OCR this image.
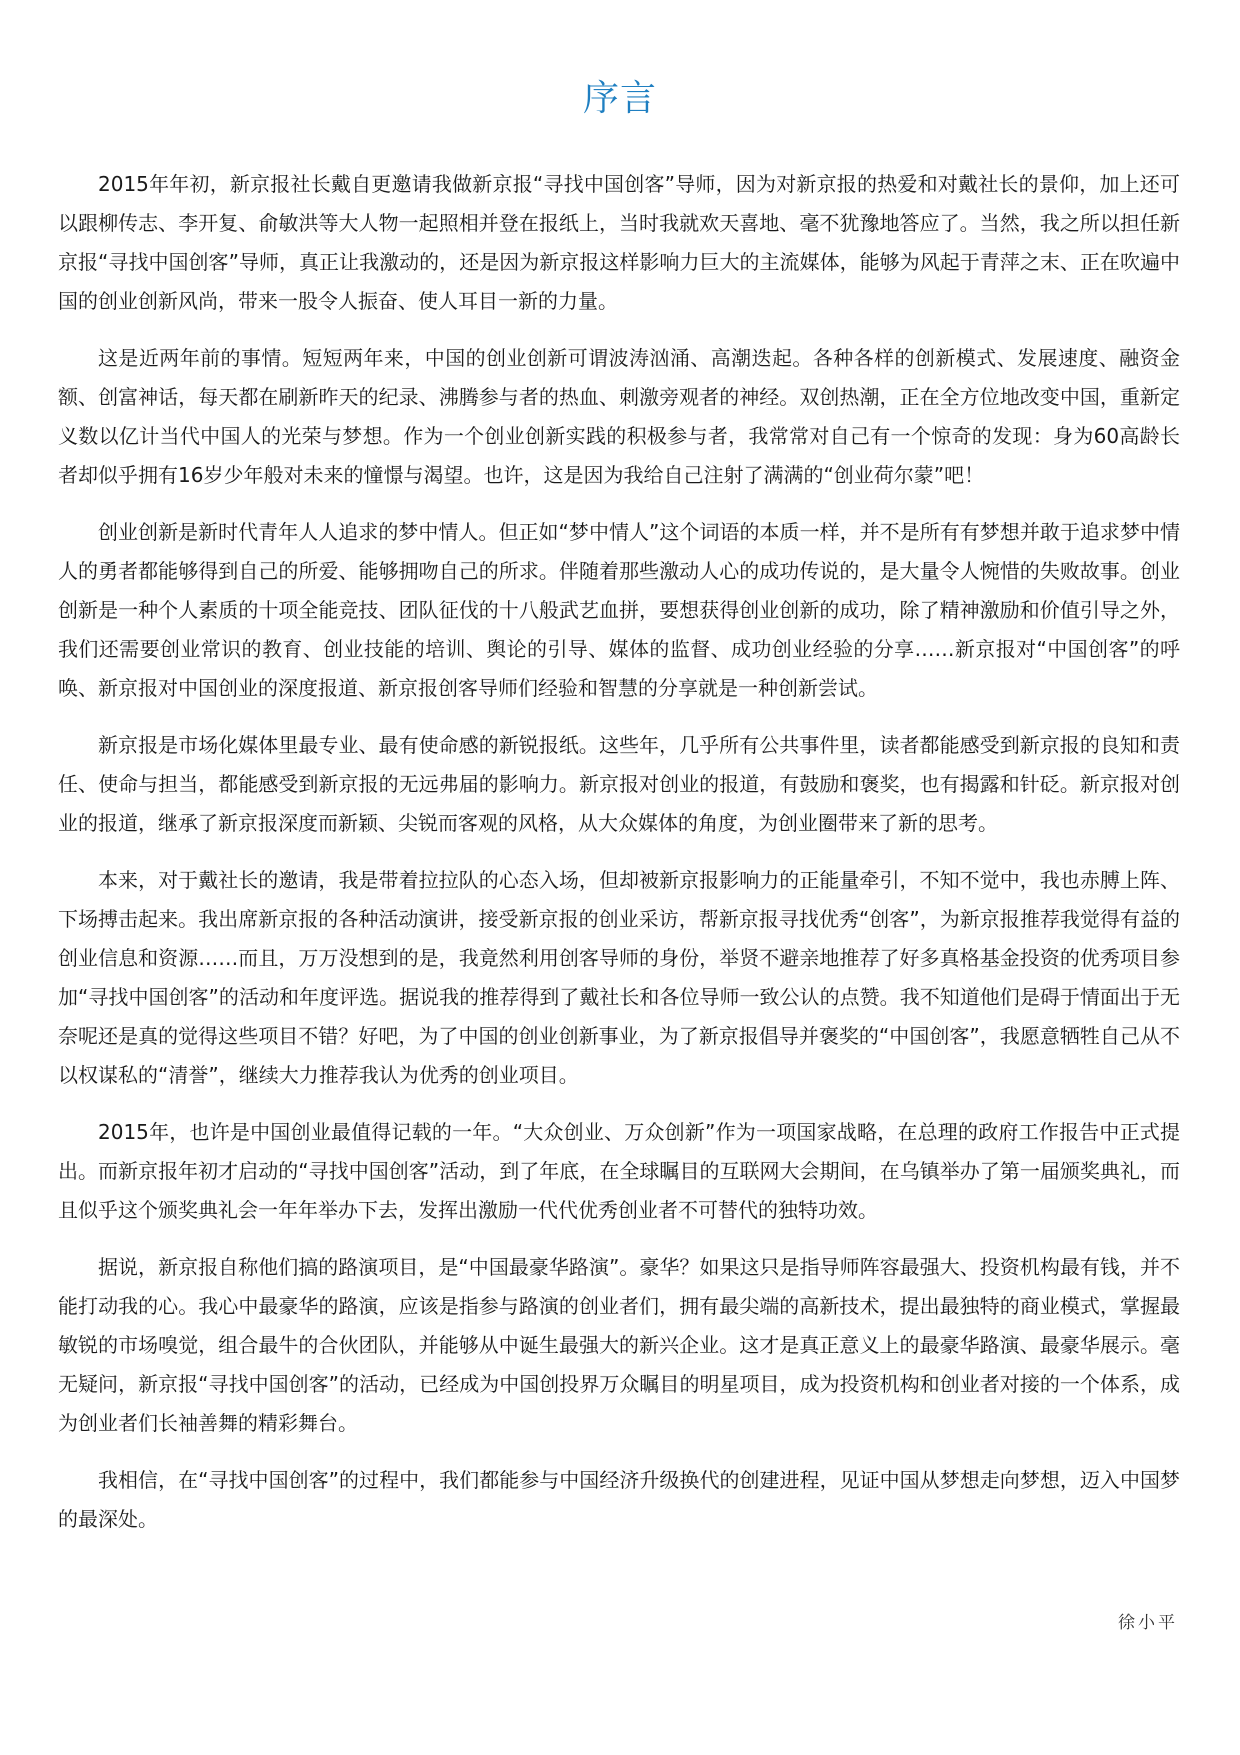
序言

2015年年初，新京报社长戴自更邀请我做新京报“寻找中国创客”导师，因为对新京报的热爱和对戴社长的景仰，加上还可以跟柳传志、李开复、俞敏洪等大人物一起照相并登在报纸上，当时我就欢天喜地、毫不犹豫地答应了。当然，我之所以担任新京报“寻找中国创客”导师，真正让我激动的，还是因为新京报这样影响力巨大的主流媒体，能够为风起于青萍之末、正在吹遍中国的创业创新风尚，带来一股令人振奋、使人耳目一新的力量。

这是近两年前的事情。短短两年来，中国的创业创新可谓波涛汹涌、高潮迭起。各种各样的创新模式、发展速度、融资金额、创富神话，每天都在刷新昨天的纪录、沸腾参与者的热血、刺激旁观者的神经。双创热潮，正在全方位地改变中国，重新定义数以亿计当代中国人的光荣与梦想。作为一个创业创新实践的积极参与者，我常常对自己有一个惊奇的发现：身为60高龄长者却似乎拥有16岁少年般对未来的憧憬与渴望。也许，这是因为我给自己注射了满满的“创业荷尔蒙”吧！

创业创新是新时代青年人人追求的梦中情人。但正如“梦中情人”这个词语的本质一样，并不是所有有梦想并敢于追求梦中情人的勇者都能够得到自己的所爱、能够拥吻自己的所求。伴随着那些激动人心的成功传说的，是大量令人惋惜的失败故事。创业创新是一种个人素质的十项全能竞技、团队征伐的十八般武艺血拼，要想获得创业创新的成功，除了精神激励和价值引导之外，我们还需要创业常识的教育、创业技能的培训、舆论的引导、媒体的监督、成功创业经验的分享……新京报对“中国创客”的呼唤、新京报对中国创业的深度报道、新京报创客导师们经验和智慧的分享就是一种创新尝试。

新京报是市场化媒体里最专业、最有使命感的新锐报纸。这些年，几乎所有公共事件里，读者都能感受到新京报的良知和责任、使命与担当，都能感受到新京报的无远弗届的影响力。新京报对创业的报道，有鼓励和褒奖，也有揭露和针砭。新京报对创业的报道，继承了新京报深度而新颖、尖锐而客观的风格，从大众媒体的角度，为创业圈带来了新的思考。

本来，对于戴社长的邀请，我是带着拉拉队的心态入场，但却被新京报影响力的正能量牵引，不知不觉中，我也赤膊上阵、下场搏击起来。我出席新京报的各种活动演讲，接受新京报的创业采访，帮新京报寻找优秀“创客”，为新京报推荐我觉得有益的创业信息和资源……而且，万万没想到的是，我竟然利用创客导师的身份，举贤不避亲地推荐了好多真格基金投资的优秀项目参加“寻找中国创客”的活动和年度评选。据说我的推荐得到了戴社长和各位导师一致公认的点赞。我不知道他们是碍于情面出于无奈呢还是真的觉得这些项目不错？好吧，为了中国的创业创新事业，为了新京报倡导并褒奖的“中国创客”，我愿意牺牲自己从不以权谋私的“清誉”，继续大力推荐我认为优秀的创业项目。

2015年，也许是中国创业最值得记载的一年。“大众创业、万众创新”作为一项国家战略，在总理的政府工作报告中正式提出。而新京报年初才启动的“寻找中国创客”活动，到了年底，在全球瞩目的互联网大会期间，在乌镇举办了第一届颁奖典礼，而且似乎这个颁奖典礼会一年年举办下去，发挥出激励一代代优秀创业者不可替代的独特功效。

据说，新京报自称他们搞的路演项目，是“中国最豪华路演”。豪华？如果这只是指导师阵容最强大、投资机构最有钱，并不能打动我的心。我心中最豪华的路演，应该是指参与路演的创业者们，拥有最尖端的高新技术，提出最独特的商业模式，掌握最敏锐的市场嗅觉，组合最牛的合伙团队，并能够从中诞生最强大的新兴企业。这才是真正意义上的最豪华路演、最豪华展示。毫无疑问，新京报“寻找中国创客”的活动，已经成为中国创投界万众瞩目的明星项目，成为投资机构和创业者对接的一个体系，成为创业者们长袖善舞的精彩舞台。

我相信，在“寻找中国创客”的过程中，我们都能参与中国经济升级换代的创建进程，见证中国从梦想走向梦想，迈入中国梦的最深处。

徐小平
